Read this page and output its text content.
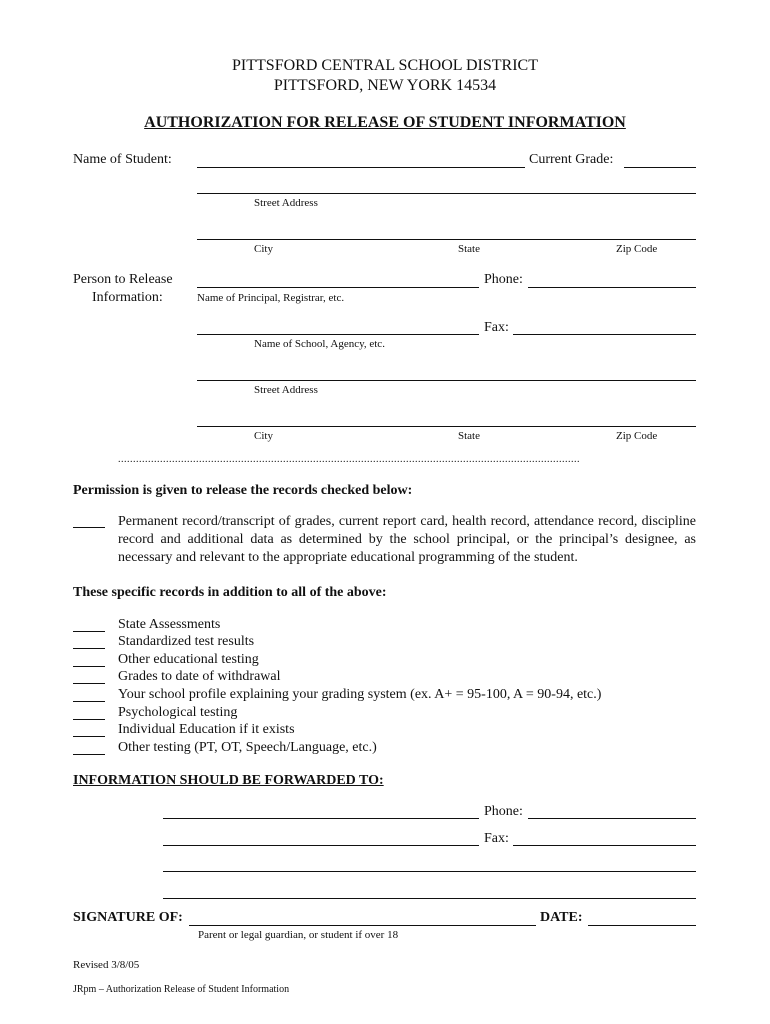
PITTSFORD CENTRAL SCHOOL DISTRICT
PITTSFORD, NEW YORK 14534
AUTHORIZATION FOR RELEASE OF STUDENT INFORMATION
Name of Student:	Current Grade:
Street Address
City	State	Zip Code
Person to Release
Information:
Phone:
Name of Principal, Registrar, etc.
Fax:
Name of School, Agency, etc.
Street Address
City	State	Zip Code
..........................................................................................................................................................
Permission is given to release the records checked below:
Permanent record/transcript of grades, current report card, health record, attendance record, discipline record and additional data as determined by the school principal, or the principal’s designee, as necessary and relevant to the appropriate educational programming of the student.
These specific records in addition to all of the above:
State Assessments
Standardized test results
Other educational testing
Grades to date of withdrawal
Your school profile explaining your grading system (ex. A+ = 95-100, A = 90-94, etc.)
Psychological testing
Individual Education if it exists
Other testing (PT, OT, Speech/Language, etc.)
INFORMATION SHOULD BE FORWARDED TO:
Phone:
Fax:
SIGNATURE OF:	DATE:
Parent or legal guardian, or student if over 18
Revised 3/8/05
JRpm – Authorization Release of Student Information
